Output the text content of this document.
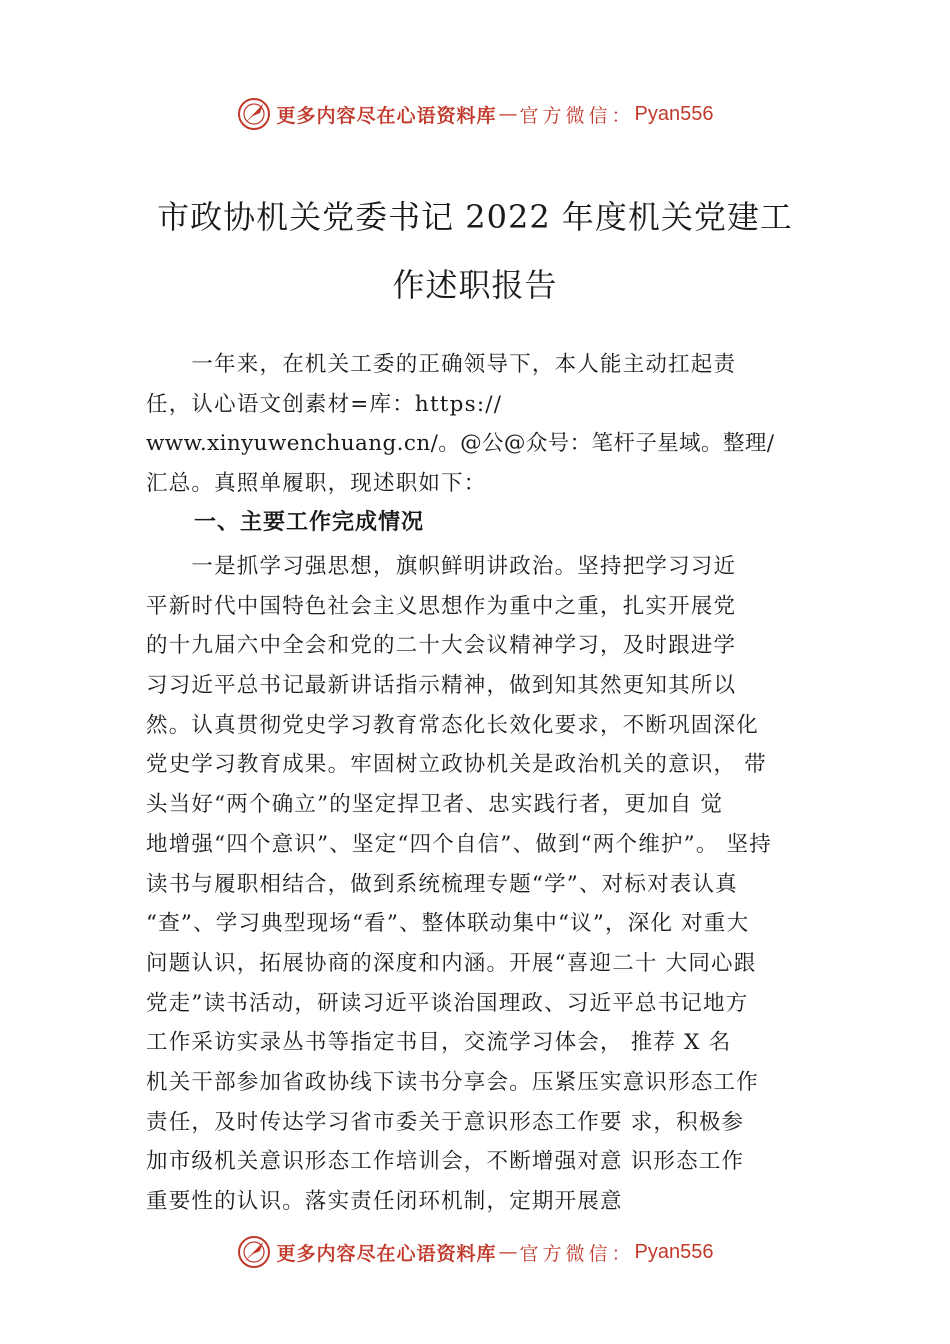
更多内容尽在心语资料库 — 官方微信： Pyan556
市政协机关党委书记 2022 年度机关党建工
作述职报告
　　一年来，在机关工委的正确领导下，本人能主动扛起责
任，认心语文创素材=库：https://
www.xinyuwenchuang.cn/。@公@众号：笔杆子星域。整理/
汇总。真照单履职，现述职如下：
一、主要工作完成情况
　　一是抓学习强思想，旗帜鲜明讲政治。坚持把学习习近
平新时代中国特色社会主义思想作为重中之重，扎实开展党
的十九届六中全会和党的二十大会议精神学习，及时跟进学
习习近平总书记最新讲话指示精神，做到知其然更知其所以
然。认真贯彻党史学习教育常态化长效化要求，不断巩固深化
党史学习教育成果。牢固树立政协机关是政治机关的意识， 带
头当好“两个确立”的坚定捍卫者、忠实践行者，更加自 觉
地增强“四个意识”、坚定“四个自信”、做到“两个维护”。 坚持
读书与履职相结合，做到系统梳理专题“学”、对标对表认真
“查”、学习典型现场“看”、整体联动集中“议”，深化 对重大
问题认识，拓展协商的深度和内涵。开展“喜迎二十 大同心跟
党走”读书活动，研读习近平谈治国理政、习近平总书记地方
工作采访实录丛书等指定书目，交流学习体会， 推荐 X 名
机关干部参加省政协线下读书分享会。压紧压实意识形态工作
责任，及时传达学习省市委关于意识形态工作要 求，积极参
加市级机关意识形态工作培训会，不断增强对意 识形态工作
重要性的认识。落实责任闭环机制，定期开展意
更多内容尽在心语资料库 — 官方微信： Pyan556
